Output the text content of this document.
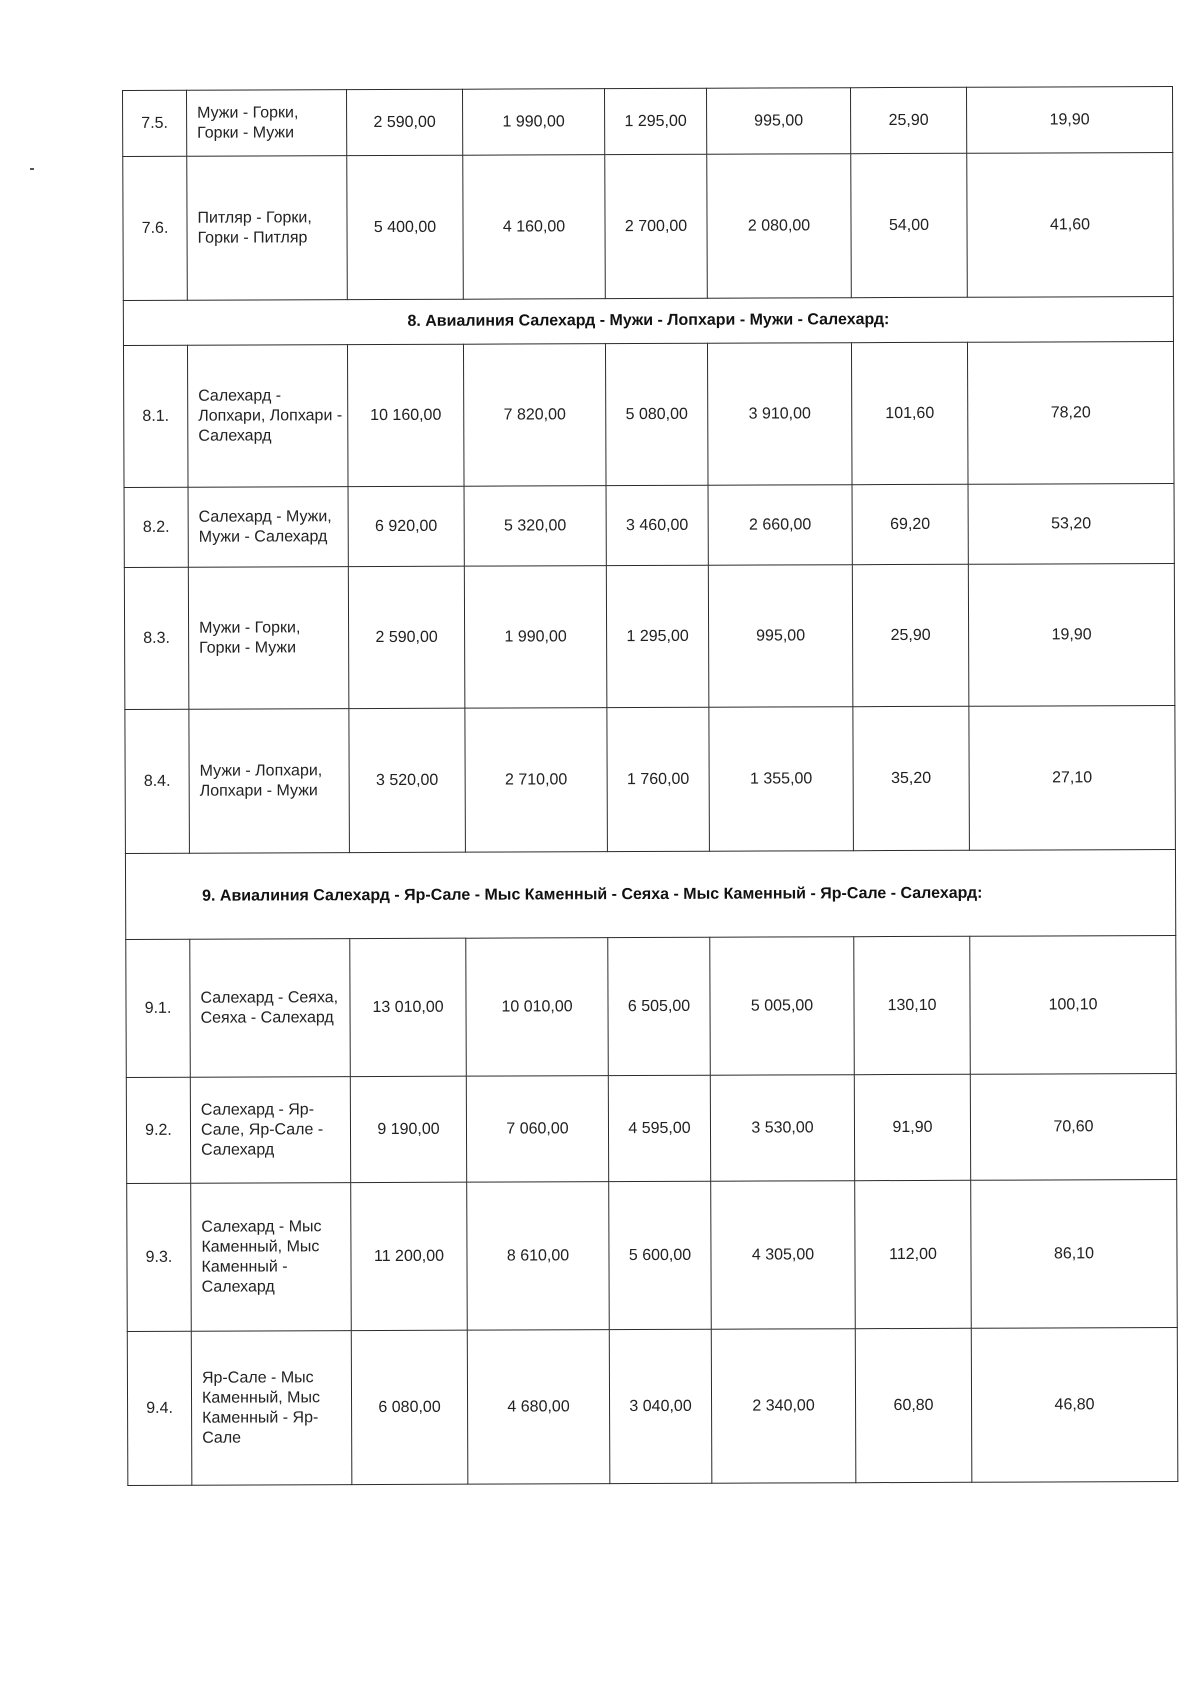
7.5.	Мужи - Горки, Горки - Мужи	2 590,00	1 990,00	1 295,00	995,00	25,90	19,90
7.6.	Питляр - Горки, Горки - Питляр	5 400,00	4 160,00	2 700,00	2 080,00	54,00	41,60
8. Авиалиния Салехард - Мужи - Лопхари - Мужи - Салехард:							
8.1.	Салехард - Лопхари, Лопхари - Салехард	10 160,00	7 820,00	5 080,00	3 910,00	101,60	78,20
8.2.	Салехард - Мужи, Мужи - Салехард	6 920,00	5 320,00	3 460,00	2 660,00	69,20	53,20
8.3.	Мужи - Горки, Горки - Мужи	2 590,00	1 990,00	1 295,00	995,00	25,90	19,90
8.4.	Мужи - Лопхари, Лопхари - Мужи	3 520,00	2 710,00	1 760,00	1 355,00	35,20	27,10
9. Авиалиния Салехард - Яр-Сале - Мыс Каменный - Сеяха - Мыс Каменный - Яр-Сале - Салехард:							
9.1.	Салехард - Сеяха, Сеяха - Салехард	13 010,00	10 010,00	6 505,00	5 005,00	130,10	100,10
9.2.	Салехард - Яр-Сале, Яр-Сале - Салехард	9 190,00	7 060,00	4 595,00	3 530,00	91,90	70,60
9.3.	Салехард - Мыс Каменный, Мыс Каменный - Салехард	11 200,00	8 610,00	5 600,00	4 305,00	112,00	86,10
9.4.	Яр-Сале - Мыс Каменный, Мыс Каменный - Яр-Сале	6 080,00	4 680,00	3 040,00	2 340,00	60,80	46,80
